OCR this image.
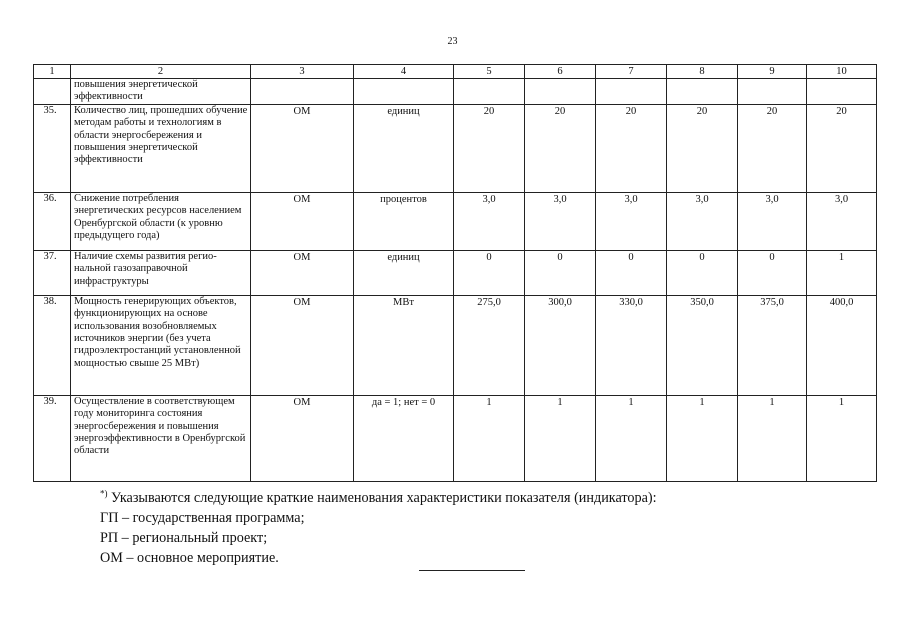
23
1	2	3	4	5	6	7	8	9	10
	повышения энергетической эффективности								
35.	Количество лиц, прошедших обучение методам работы и технологиям в области энергосбережения и повышения энергетической эффективности	ОМ	единиц	20	20	20	20	20	20
36.	Снижение потребления энергетических ресурсов населением Оренбургской области (к уровню предыдущего года)	ОМ	процентов	3,0	3,0	3,0	3,0	3,0	3,0
37.	Наличие схемы развития региональной газозаправочной инфраструктуры	ОМ	единиц	0	0	0	0	0	1
38.	Мощность генерирующих объектов, функционирующих на основе использования возобновляемых источников энергии (без учета гидроэлектростанций установленной мощностью свыше 25 МВт)	ОМ	МВт	275,0	300,0	330,0	350,0	375,0	400,0
39.	Осуществление в соответствующем году мониторинга состояния энергосбережения и повышения энергоэффективности в Оренбургской области	ОМ	да = 1; нет = 0	1	1	1	1	1	1
*) Указываются следующие краткие наименования характеристики показателя (индикатора):
ГП – государственная программа;
РП – региональный проект;
ОМ – основное мероприятие.
